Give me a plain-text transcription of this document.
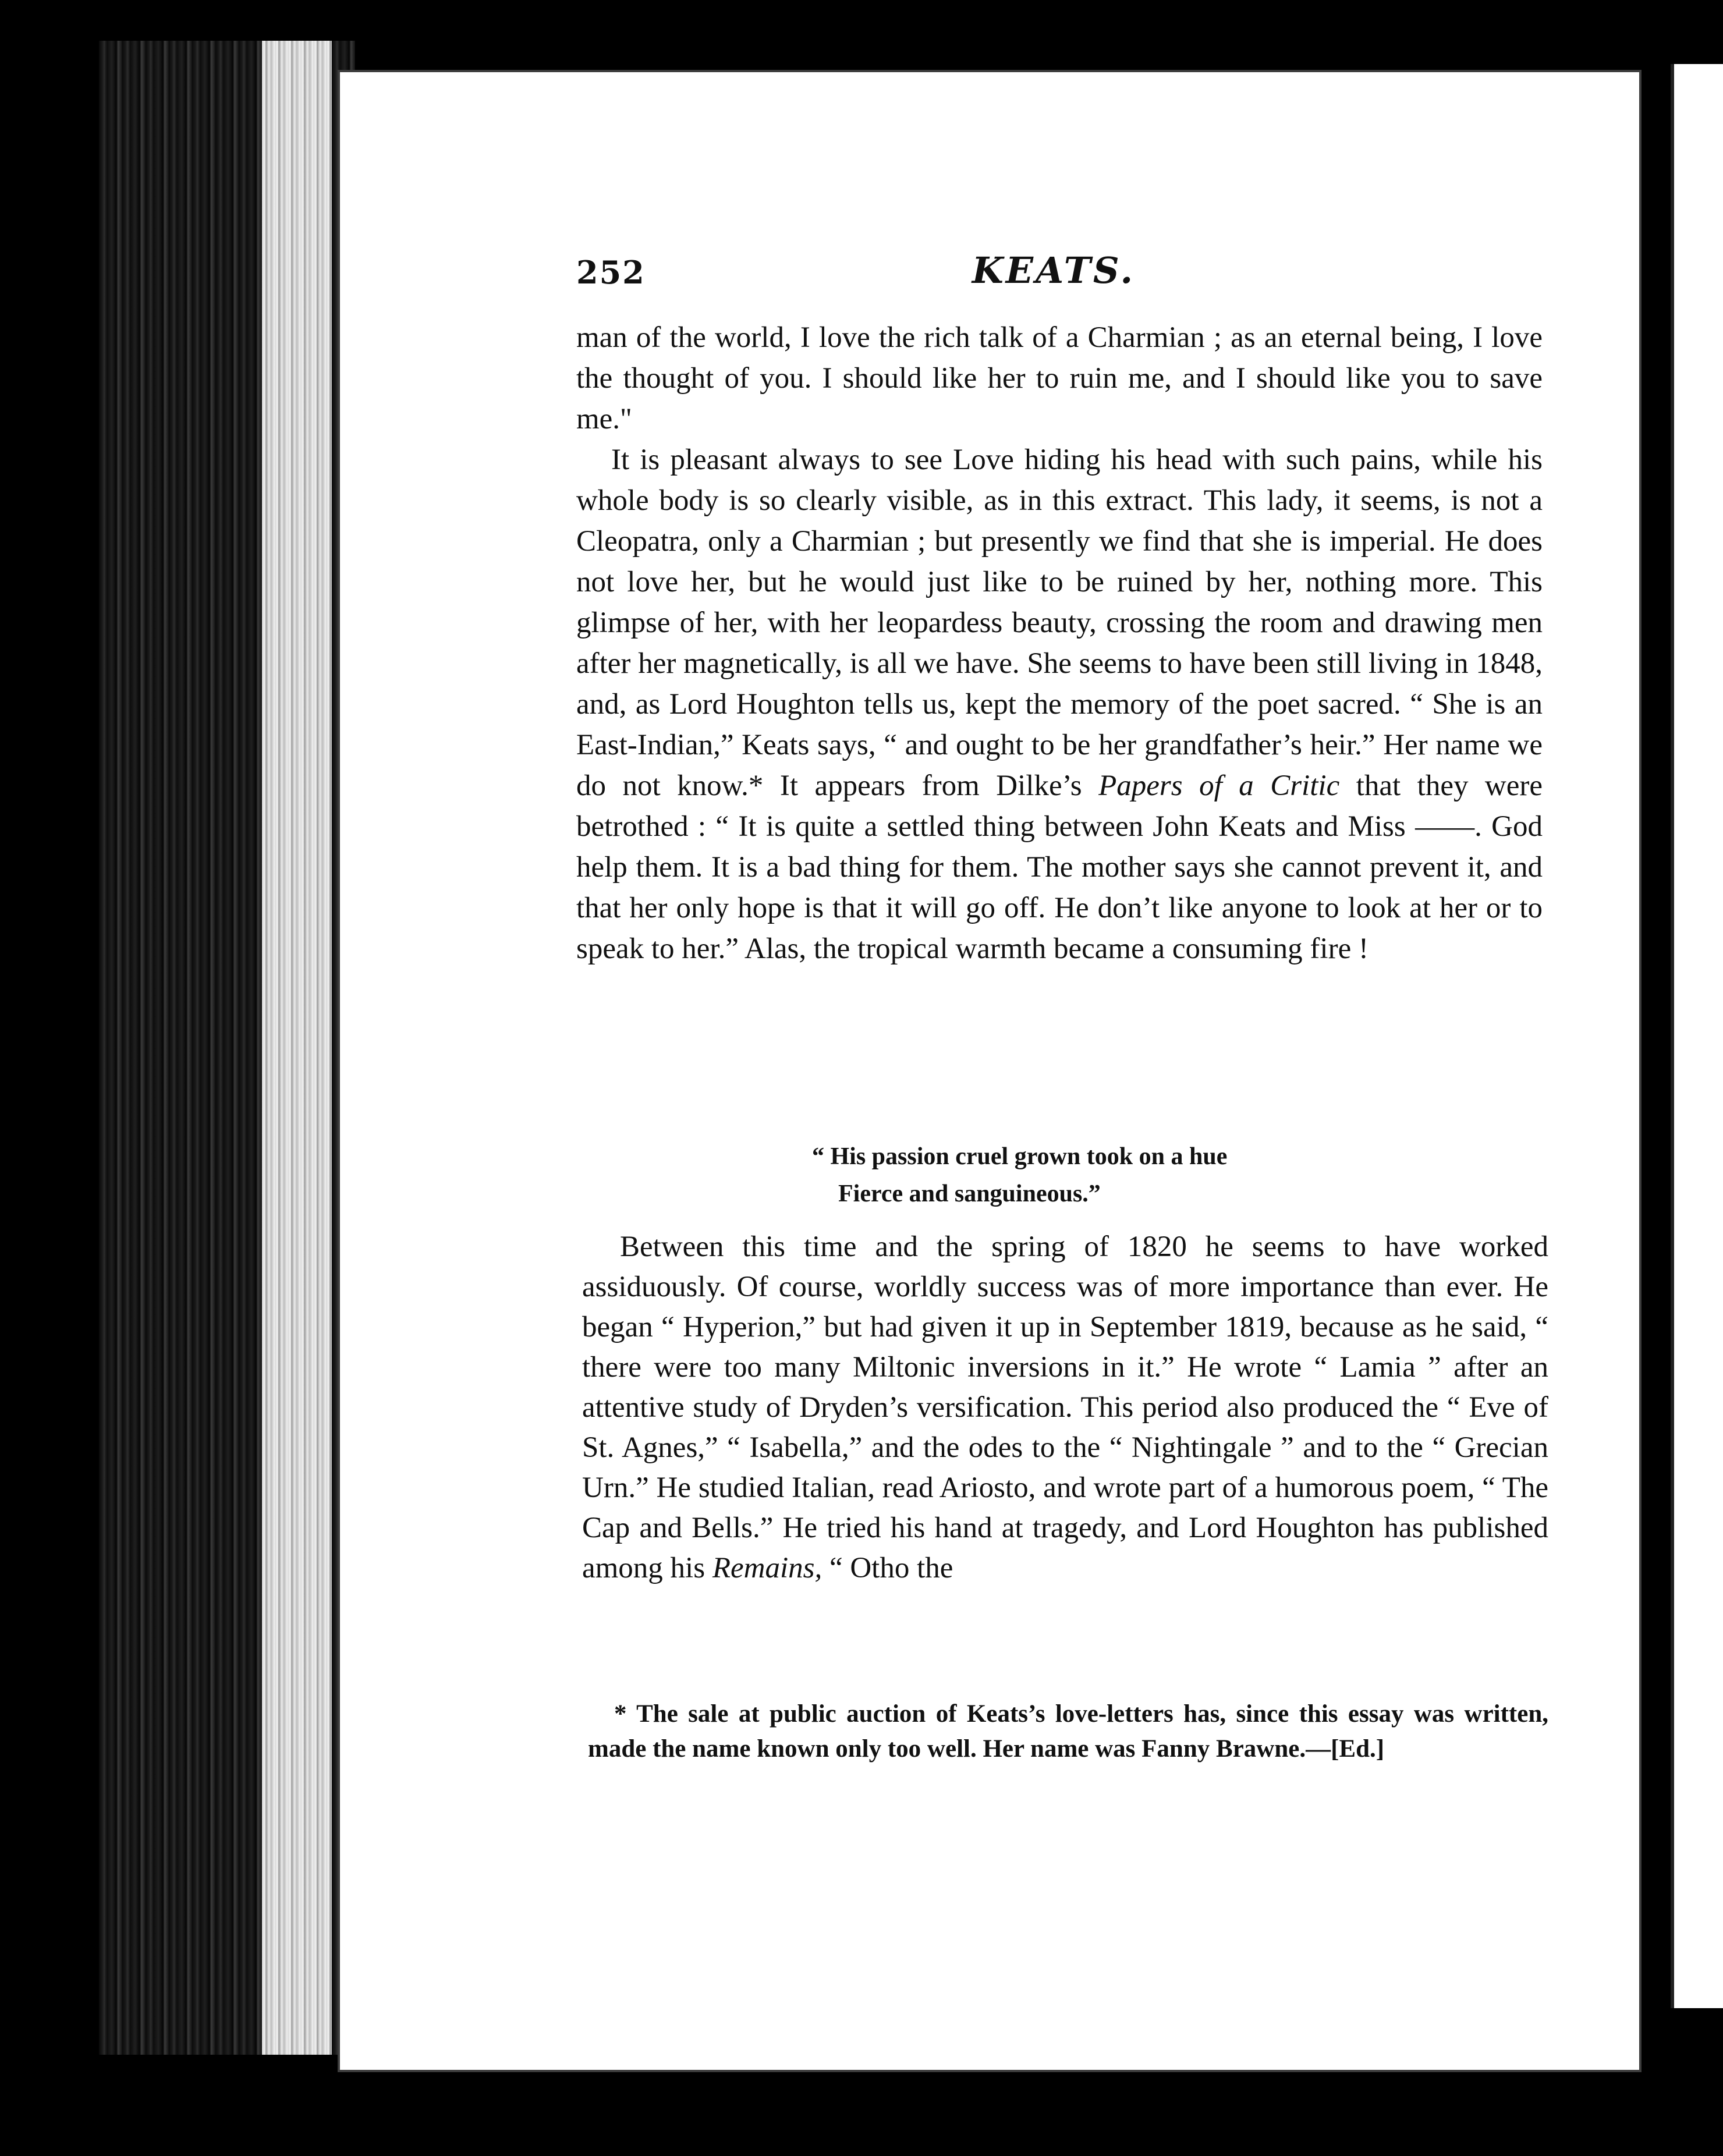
252	KEATS.

man of the world, I love the rich talk of a Charmian ; as an eternal being, I love the thought of you. I should like her to ruin me, and I should like you to save me."

It is pleasant always to see Love hiding his head with such pains, while his whole body is so clearly visible, as in this extract. This lady, it seems, is not a Cleopatra, only a Charmian ; but presently we find that she is imperial. He does not love her, but he would just like to be ruined by her, nothing more. This glimpse of her, with her leopardess beauty, crossing the room and drawing men after her magnetically, is all we have. She seems to have been still living in 1848, and, as Lord Houghton tells us, kept the memory of the poet sacred. “ She is an East-Indian,” Keats says, “ and ought to be her grandfather’s heir.” Her name we do not know.* It appears from Dilke’s Papers of a Critic that they were betrothed : “ It is quite a settled thing between John Keats and Miss ——. God help them. It is a bad thing for them. The mother says she cannot prevent it, and that her only hope is that it will go off. He don’t like anyone to look at her or to speak to her.” Alas, the tropical warmth became a consuming fire !

“ His passion cruel grown took on a hue
Fierce and sanguineous.”

Between this time and the spring of 1820 he seems to have worked assiduously. Of course, worldly success was of more importance than ever. He began “ Hyperion,” but had given it up in September 1819, because as he said, “ there were too many Miltonic inversions in it.” He wrote “ Lamia ” after an attentive study of Dryden’s versification. This period also produced the “ Eve of St. Agnes,” “ Isabella,” and the odes to the “ Nightingale ” and to the “ Grecian Urn.” He studied Italian, read Ariosto, and wrote part of a humorous poem, “ The Cap and Bells.” He tried his hand at tragedy, and Lord Houghton has published among his Remains, “ Otho the

* The sale at public auction of Keats’s love-letters has, since this essay was written, made the name known only too well. Her name was Fanny Brawne.—[Ed.]
